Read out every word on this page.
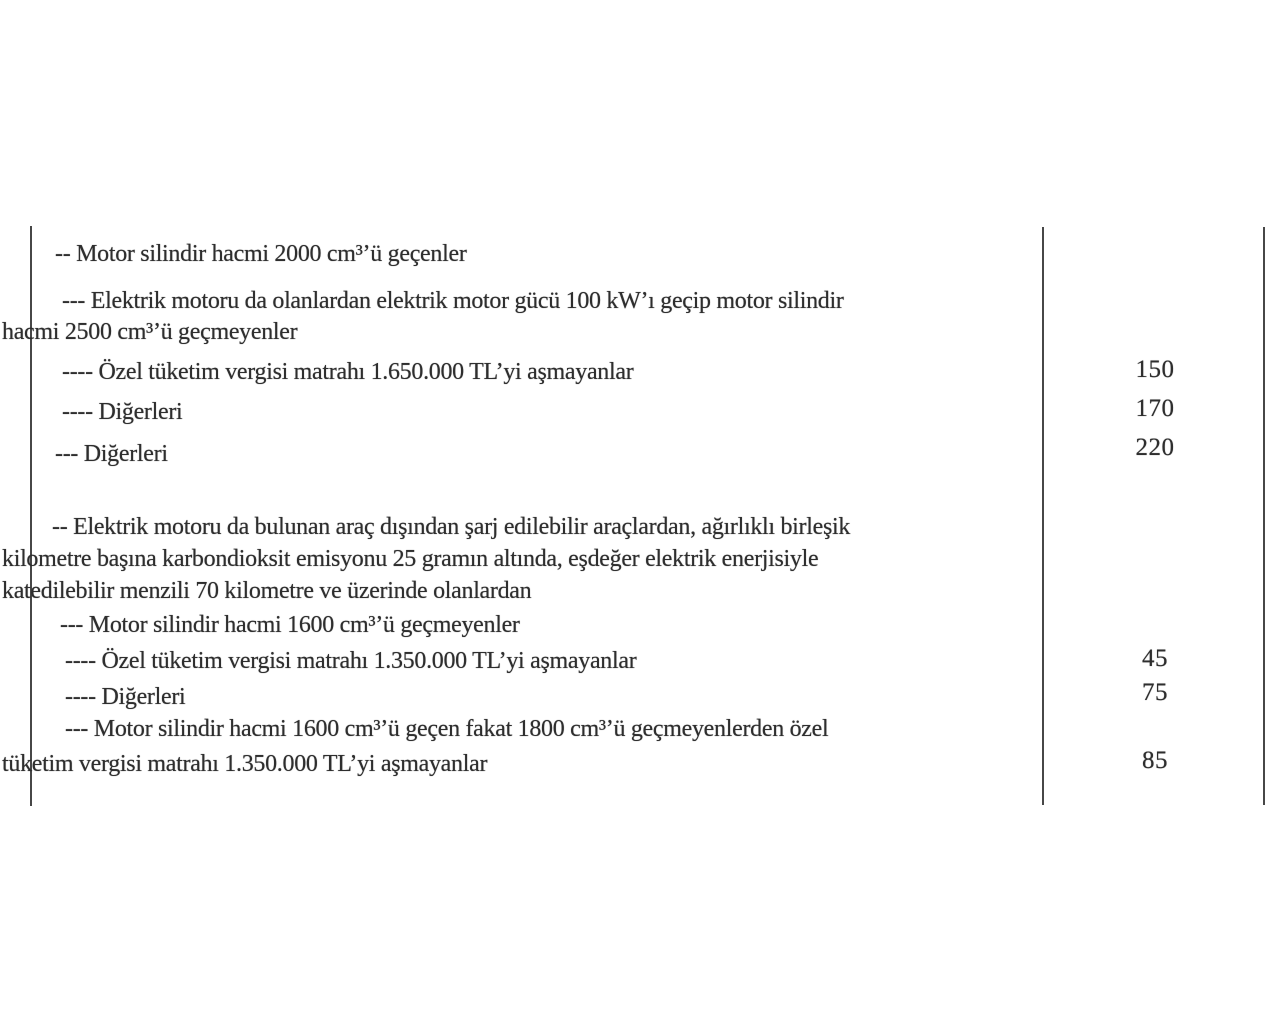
-- Motor silindir hacmi 2000 cm³’ü geçenler
--- Elektrik motoru da olanlardan elektrik motor gücü 100 kW’ı geçip motor silindir
hacmi 2500 cm³’ü geçmeyenler
---- Özel tüketim vergisi matrahı 1.650.000 TL’yi aşmayanlar
---- Diğerleri
--- Diğerleri
-- Elektrik motoru da bulunan araç dışından şarj edilebilir araçlardan, ağırlıklı birleşik
kilometre başına karbondioksit emisyonu 25 gramın altında, eşdeğer elektrik enerjisiyle
katedilebilir menzili 70 kilometre ve üzerinde olanlardan
--- Motor silindir hacmi 1600 cm³’ü geçmeyenler
---- Özel tüketim vergisi matrahı 1.350.000 TL’yi aşmayanlar
---- Diğerleri
--- Motor silindir hacmi 1600 cm³’ü geçen fakat 1800 cm³’ü geçmeyenlerden özel
tüketim vergisi matrahı 1.350.000 TL’yi aşmayanlar
150
170
220
45
75
85
